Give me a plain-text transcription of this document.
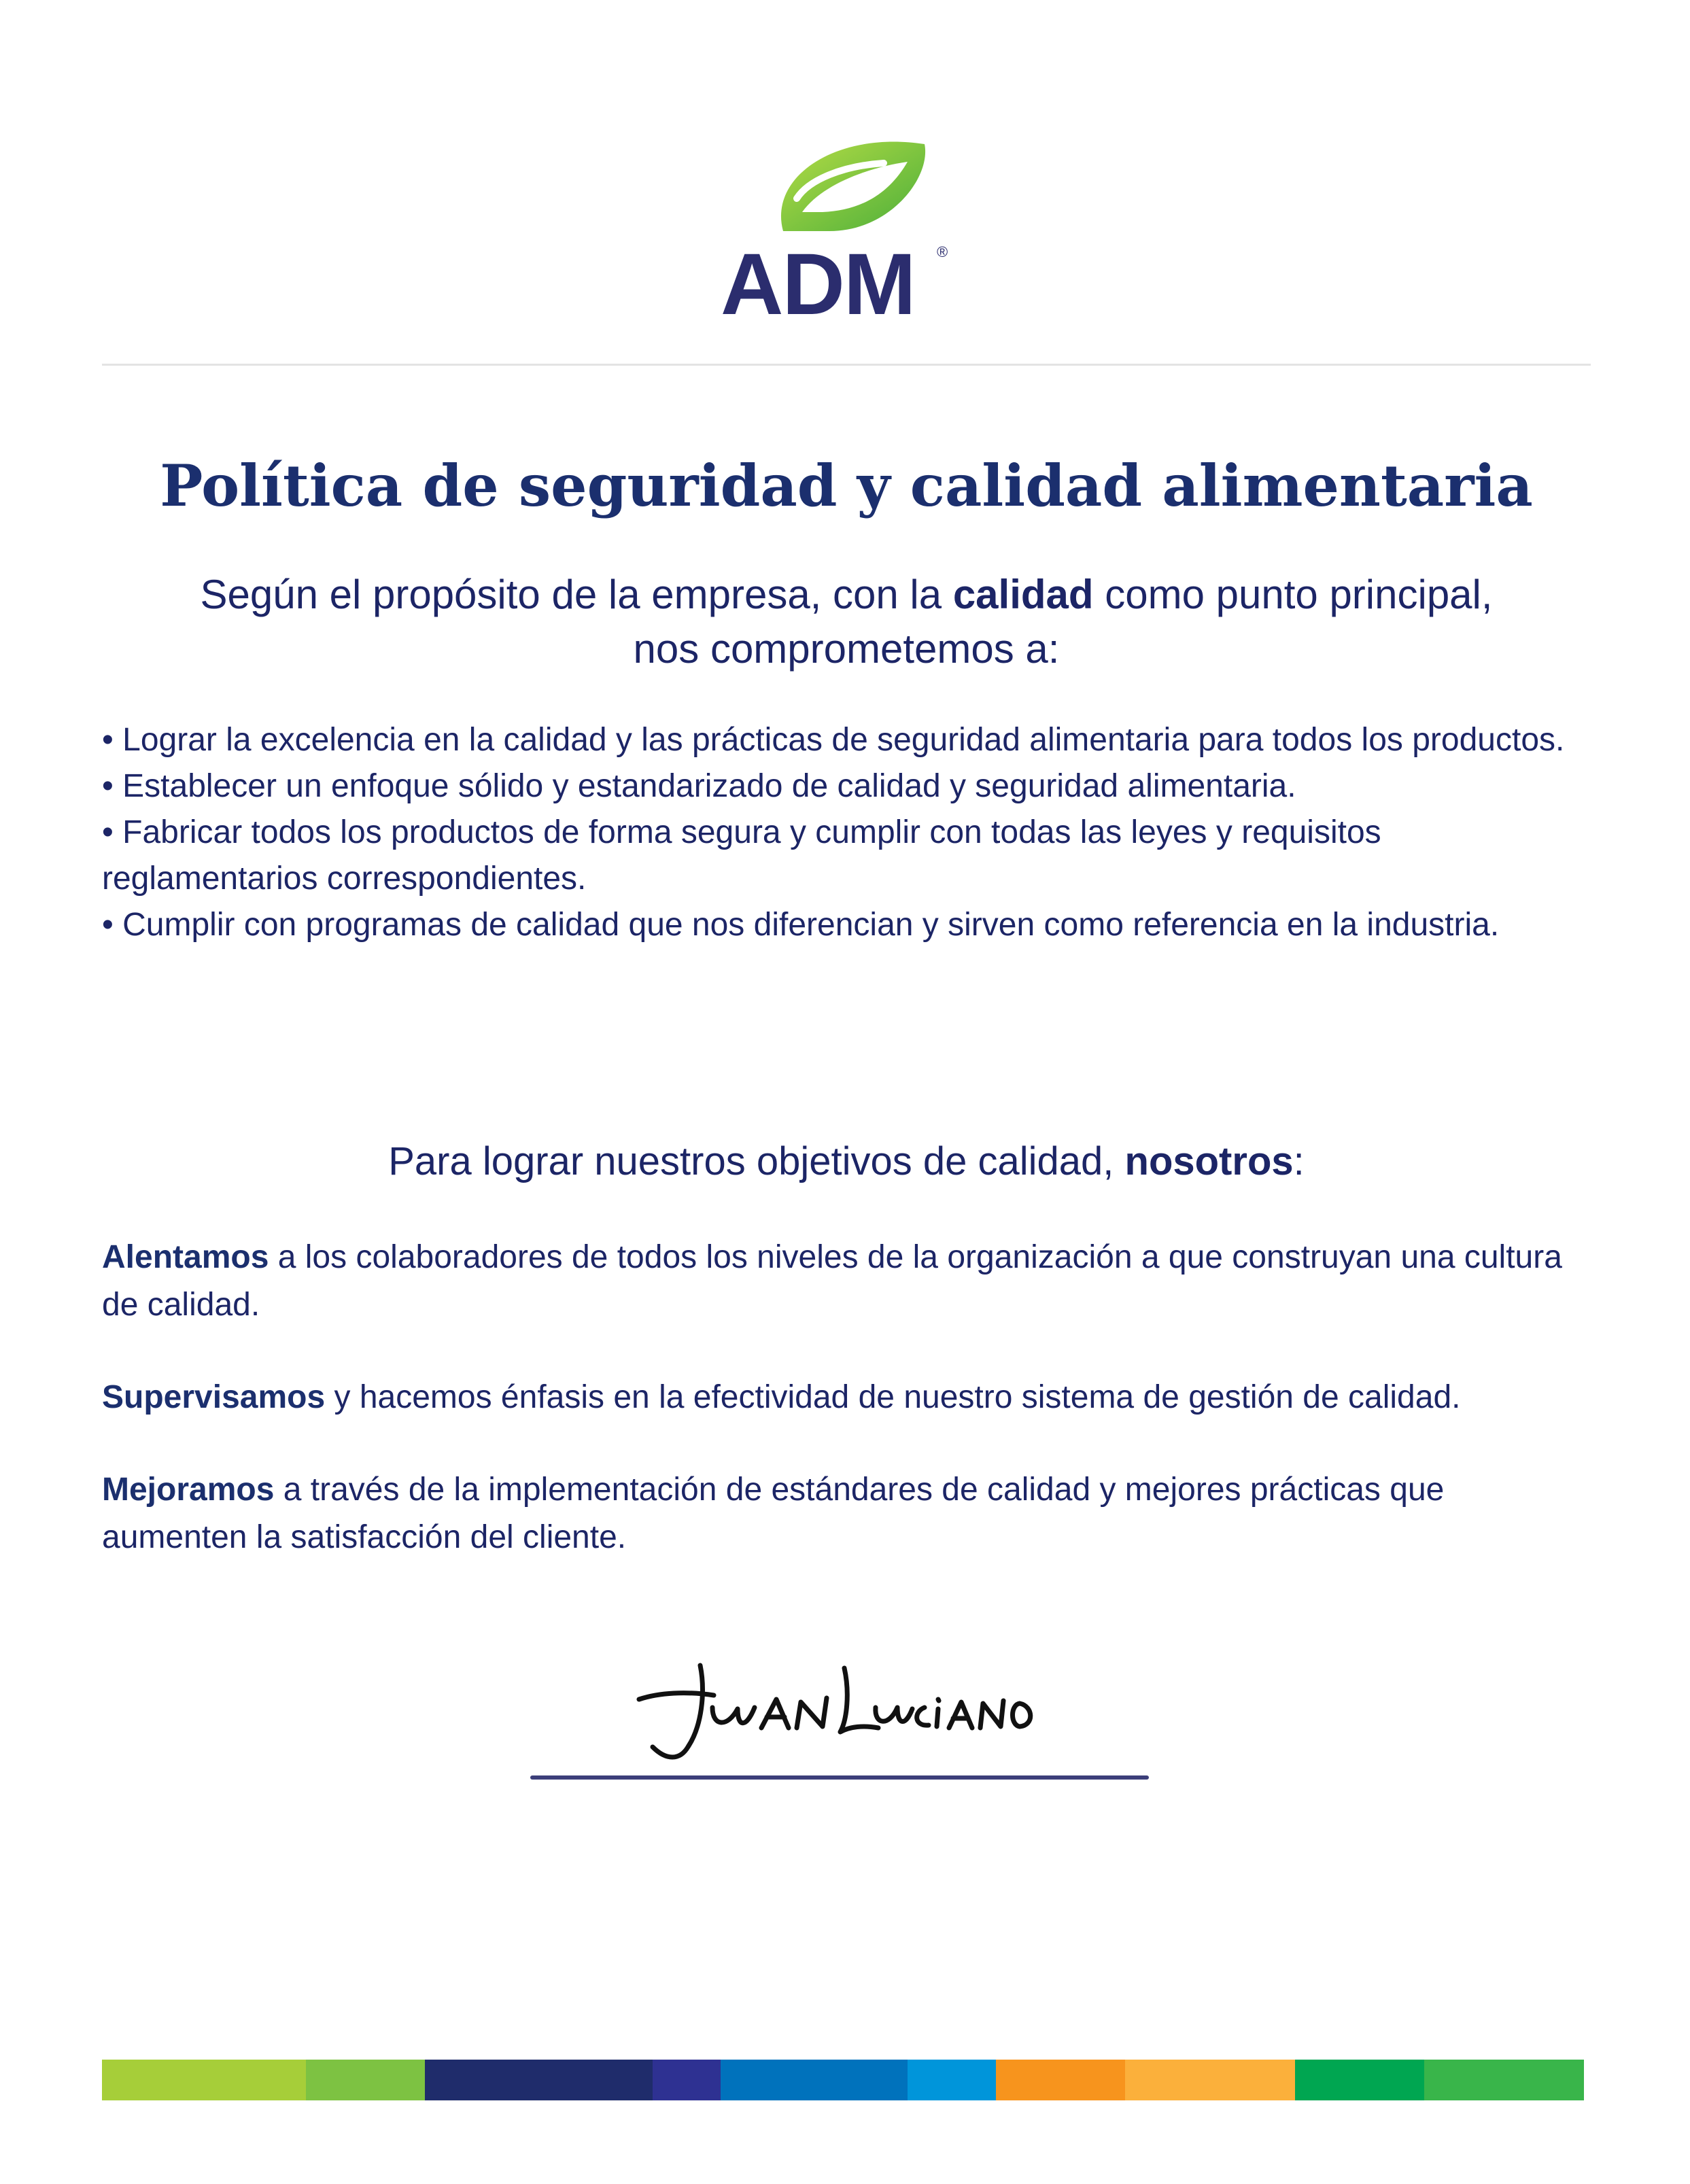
ADM ®
Política de seguridad y calidad alimentaria

Según el propósito de la empresa, con la calidad como punto principal,

nos comprometemos a:

• Lograr la excelencia en la calidad y las prácticas de seguridad alimentaria para todos los productos.

• Establecer un enfoque sólido y estandarizado de calidad y seguridad alimentaria.

• Fabricar todos los productos de forma segura y cumplir con todas las leyes y requisitos reglamentarios correspondientes.

• Cumplir con programas de calidad que nos diferencian y sirven como referencia en la industria.

Para lograr nuestros objetivos de calidad, nosotros:

Alentamos a los colaboradores de todos los niveles de la organización a que construyan una cultura de calidad.

Supervisamos y hacemos énfasis en la efectividad de nuestro sistema de gestión de calidad.

Mejoramos a través de la implementación de estándares de calidad y mejores prácticas que aumenten la satisfacción del cliente.
